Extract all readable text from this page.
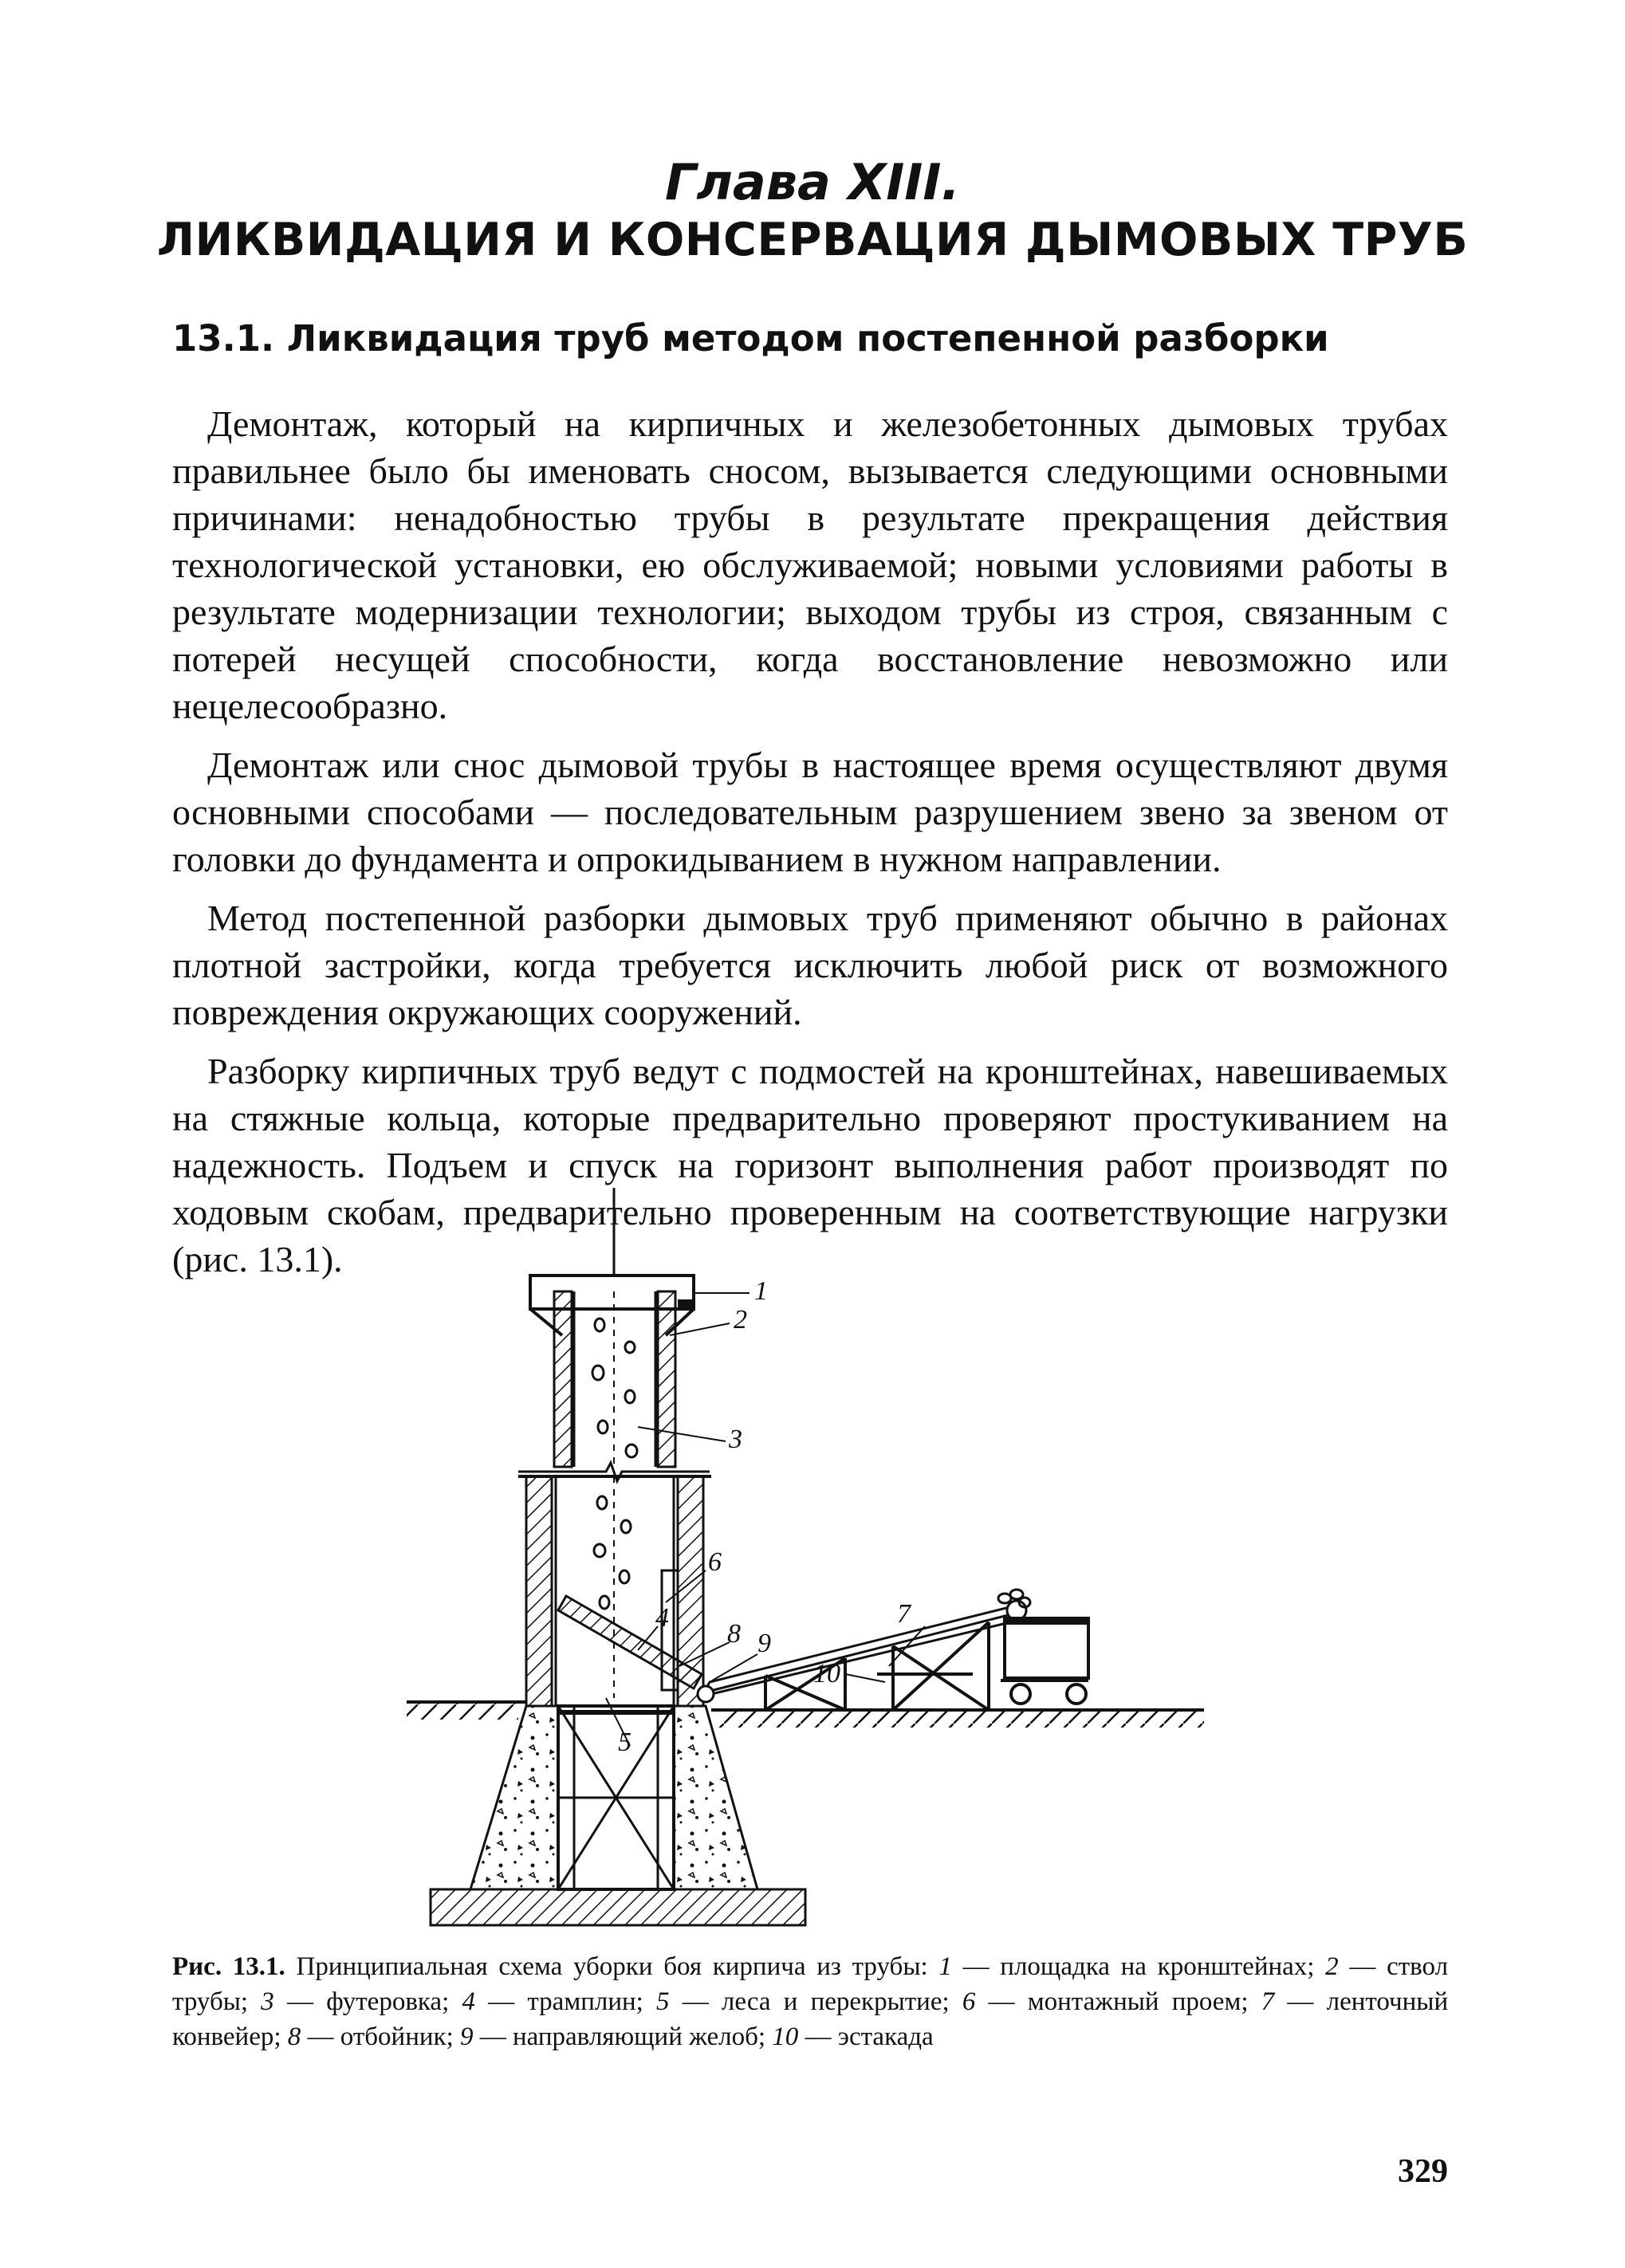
Глава XIII.
ЛИКВИДАЦИЯ И КОНСЕРВАЦИЯ ДЫМОВЫХ ТРУБ
13.1. Ликвидация труб методом постепенной разборки

Демонтаж, который на кирпичных и железобетонных дымовых трубах правильнее было бы именовать сносом, вызывается следующими основными причинами: ненадобностью трубы в результате прекращения действия технологической установки, ею обслуживаемой; новыми условиями работы в результате модернизации технологии; выходом трубы из строя, связанным с потерей несущей способности, когда восстановление невозможно или нецелесообразно.

Демонтаж или снос дымовой трубы в настоящее время осуществляют двумя основными способами — последовательным разрушением звено за звеном от головки до фундамента и опрокидыванием в нужном направлении.

Метод постепенной разборки дымовых труб применяют обычно в районах плотной застройки, когда требуется исключить любой риск от возможного повреждения окружающих сооружений.

Разборку кирпичных труб ведут с подмостей на кронштейнах, навешиваемых на стяжные кольца, которые предварительно проверяют простукиванием на надежность. Подъем и спуск на горизонт выполнения работ производят по ходовым скобам, предварительно проверенным на соответствующие нагрузки (рис. 13.1).

1
2
3
4
5
6
7
8 9
10
Рис. 13.1. Принципиальная схема уборки боя кирпича из трубы: 1 — площадка на кронштейнах; 2 — ствол трубы; 3 — футеровка; 4 — трамплин; 5 — леса и перекрытие; 6 — монтажный проем; 7 — ленточный конвейер; 8 — отбойник; 9 — направляющий желоб; 10 — эстакада
329
